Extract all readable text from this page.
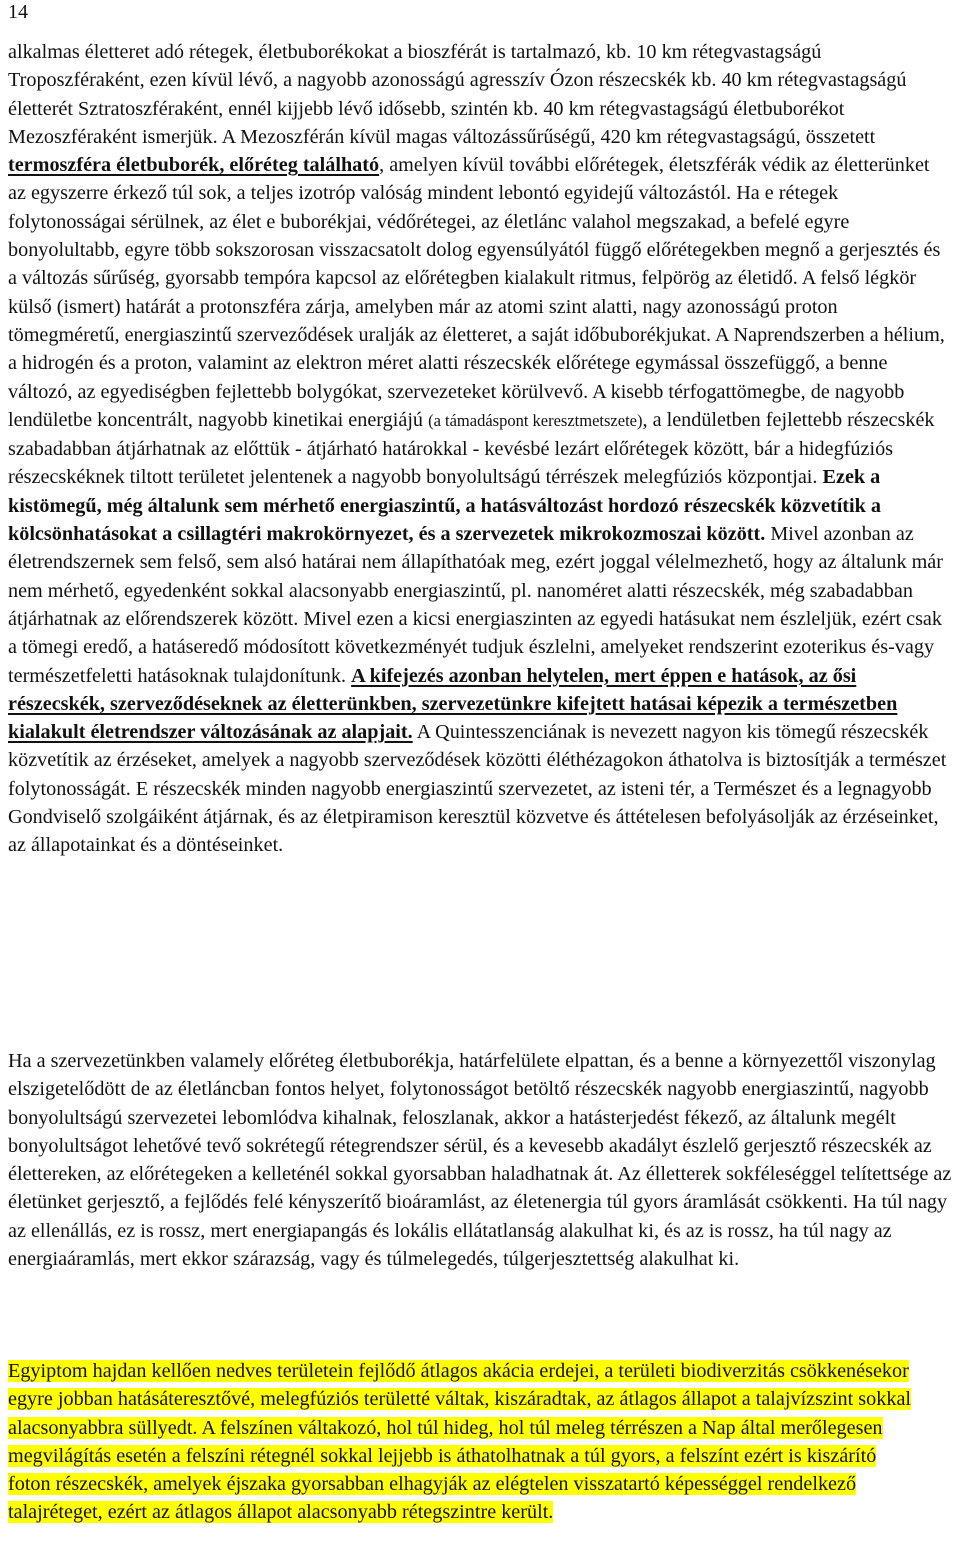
14

alkalmas életteret adó rétegek, életbuborékokat a bioszférát is tartalmazó, kb. 10 km rétegvastagságú Troposzféraként, ezen kívül lévő, a nagyobb azonosságú agresszív Ózon részecskék kb. 40 km rétegvastagságú életterét Sztratoszféraként, ennél kijjebb lévő idősebb, szintén kb. 40 km rétegvastagságú életbuborékot Mezoszféraként ismerjük. A Mezoszférán kívül magas változássűrűségű, 420 km rétegvastagságú, összetett termoszféra életbuborék, előréteg található, amelyen kívül további előrétegek, életszférák védik az életterünket az egyszerre érkező túl sok, a teljes izotróp valóság mindent lebontó egyidejű változástól. Ha e rétegek folytonosságai sérülnek, az élet e buborékjai, védőrétegei, az életlánc valahol megszakad, a befelé egyre bonyolultabb, egyre több sokszorosan visszacsatolt dolog egyensúlyától függő előrétegekben megnő a gerjesztés és a változás sűrűség, gyorsabb tempóra kapcsol az előrétegben kialakult ritmus, felpörög az életidő. A felső légkör külső (ismert) határát a protonszféra zárja, amelyben már az atomi szint alatti, nagy azonosságú proton tömegméretű, energiaszintű szerveződések uralják az életteret, a saját időbuborékjukat. A Naprendszerben a hélium, a hidrogén és a proton, valamint az elektron méret alatti részecskék előrétege egymással összefüggő, a benne változó, az egyediségben fejlettebb bolygókat, szervezeteket körülvevő. A kisebb térfogattömegbe, de nagyobb lendületbe koncentrált, nagyobb kinetikai energiájú (a támadáspont keresztmetszete), a lendületben fejlettebb részecskék szabadabban átjárhatnak az előttük - átjárható határokkal - kevésbé lezárt előrétegek között, bár a hidegfúziós részecskéknek tiltott területet jelentenek a nagyobb bonyolultságú térrészek melegfúziós központjai. Ezek a kistömegű, még általunk sem mérhető energiaszintű, a hatásváltozást hordozó részecskék közvetítik a kölcsönhatásokat a csillagtéri makrokörnyezet, és a szervezetek mikrokozmoszai között. Mivel azonban az életrendszernek sem felső, sem alsó határai nem állapíthatóak meg, ezért joggal vélelmezhető, hogy az általunk már nem mérhető, egyedenként sokkal alacsonyabb energiaszintű, pl. nanoméret alatti részecskék, még szabadabban átjárhatnak az előrendszerek között. Mivel ezen a kicsi energiaszinten az egyedi hatásukat nem észleljük, ezért csak a tömegi eredő, a hatáseredő módosított következményét tudjuk észlelni, amelyeket rendszerint ezoterikus és-vagy természetfeletti hatásoknak tulajdonítunk. A kifejezés azonban helytelen, mert éppen e hatások, az ősi részecskék, szerveződéseknek az életterünkben, szervezetünkre kifejtett hatásai képezik a természetben kialakult életrendszer változásának az alapjait. A Quintesszenciának is nevezett nagyon kis tömegű részecskék közvetítik az érzéseket, amelyek a nagyobb szerveződések közötti éléthézagokon áthatolva is biztosítják a természet folytonosságát. E részecskék minden nagyobb energiaszintű szervezetet, az isteni tér, a Természet és a legnagyobb Gondviselő szolgáiként átjárnak, és az életpiramison keresztül közvetve és áttételesen befolyásolják az érzéseinket, az állapotainkat és a döntéseinket.

Ha a szervezetünkben valamely előréteg életbuborékja, határfelülete elpattan, és a benne a környezettől viszonylag elszigetelődött de az életláncban fontos helyet, folytonosságot betöltő részecskék nagyobb energiaszintű, nagyobb bonyolultságú szervezetei lebomlódva kihalnak, feloszlanak, akkor a hatásterjedést fékező, az általunk megélt bonyolultságot lehetővé tevő sokrétegű rétegrendszer sérül, és a kevesebb akadályt észlelő gerjesztő részecskék az élettereken, az előrétegeken a kelleténél sokkal gyorsabban haladhatnak át. Az élletterek sokféleséggel telítettsége az életünket gerjesztő, a fejlődés felé kényszerítő bioáramlást, az életenergia túl gyors áramlását csökkenti. Ha túl nagy az ellenállás, ez is rossz, mert energiapangás és lokális ellátatlanság alakulhat ki, és az is rossz, ha túl nagy az energiaáramlás, mert ekkor szárazság, vagy és túlmelegedés, túlgerjesztettség alakulhat ki.

Egyiptom hajdan kellően nedves területein fejlődő átlagos akácia erdejei, a területi biodiverzitás csökkenésekor egyre jobban hatásáteresztővé, melegfúziós területté váltak, kiszáradtak, az átlagos állapot a talajvízszint sokkal alacsonyabbra süllyedt. A felszínen váltakozó, hol túl hideg, hol túl meleg térrészen a Nap által merőlegesen megvilágítás esetén a felszíni rétegnél sokkal lejjebb is áthatolhatnak a túl gyors, a felszínt ezért is kiszárító foton részecskék, amelyek éjszaka gyorsabban elhagyják az elégtelen visszatartó képességgel rendelkező talajréteget, ezért az átlagos állapot alacsonyabb rétegszintre került.
